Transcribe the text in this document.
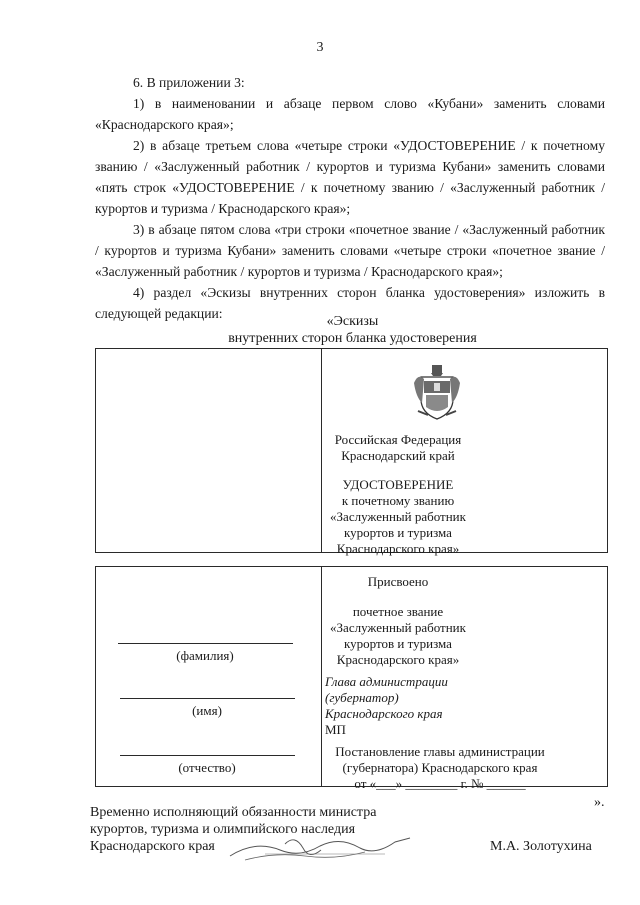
3

6. В приложении 3:

1) в наименовании и абзаце первом слово «Кубани» заменить словами «Краснодарского края»;

2) в абзаце третьем слова «четыре строки «УДОСТОВЕРЕНИЕ / к почетному званию / «Заслуженный работник / курортов и туризма Кубани» заменить словами «пять строк «УДОСТОВЕРЕНИЕ / к почетному званию / «Заслуженный работник / курортов и туризма / Краснодарского края»;

3) в абзаце пятом слова «три строки «почетное звание / «Заслуженный работник / курортов и туризма Кубани» заменить словами «четыре строки «почетное звание / «Заслуженный работник / курортов и туризма / Краснодарского края»;

4) раздел «Эскизы внутренних сторон бланка удостоверения» изложить в следующей редакции:

«Эскизы
внутренних сторон бланка удостоверения
Российская Федерация
Краснодарский край
УДОСТОВЕРЕНИЕ
к почетному званию
«Заслуженный работник
курортов и туризма
Краснодарского края»
(фамилия)
(имя)
(отчество)
Присвоено
почетное звание
«Заслуженный работник
курортов и туризма
Краснодарского края»
Глава администрации
(губернатор)
Краснодарского края
МП
Постановление главы администрации
(губернатора) Краснодарского края
от «___» ________ г. № ______
».
Временно исполняющий обязанности министра
курортов, туризма и олимпийского наследия
Краснодарского края	М.А. Золотухина
